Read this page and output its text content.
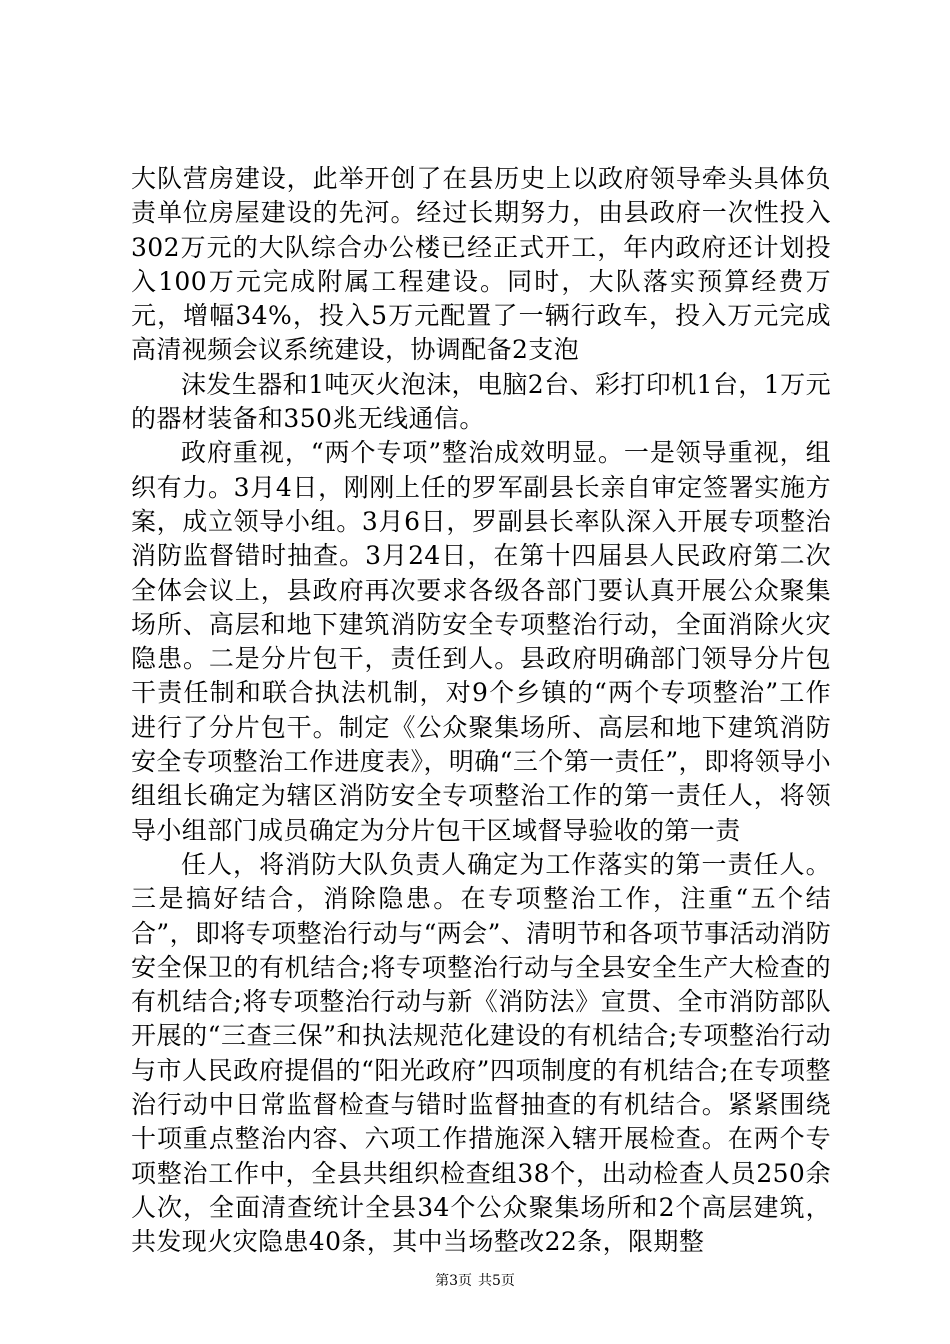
大队营房建设，此举开创了在县历史上以政府领导牵头具体负责单位房屋建设的先河。经过长期努力，由县政府一次性投入302万元的大队综合办公楼已经正式开工，年内政府还计划投入100万元完成附属工程建设。同时，大队落实预算经费万元，增幅34%，投入5万元配置了一辆行政车，投入万元完成高清视频会议系统建设，协调配备2支泡

沫发生器和1吨灭火泡沫，电脑2台、彩打印机1台，1万元的器材装备和350兆无线通信。

政府重视，“两个专项”整治成效明显。一是领导重视，组织有力。3月4日，刚刚上任的罗军副县长亲自审定签署实施方案，成立领导小组。3月6日，罗副县长率队深入开展专项整治消防监督错时抽查。3月24日，在第十四届县人民政府第二次全体会议上，县政府再次要求各级各部门要认真开展公众聚集场所、高层和地下建筑消防安全专项整治行动，全面消除火灾隐患。二是分片包干，责任到人。县政府明确部门领导分片包干责任制和联合执法机制，对9个乡镇的“两个专项整治”工作进行了分片包干。制定《公众聚集场所、高层和地下建筑消防安全专项整治工作进度表》，明确“三个第一责任”，即将领导小组组长确定为辖区消防安全专项整治工作的第一责任人，将领导小组部门成员确定为分片包干区域督导验收的第一责

任人，将消防大队负责人确定为工作落实的第一责任人。三是搞好结合，消除隐患。在专项整治工作，注重“五个结合”，即将专项整治行动与“两会”、清明节和各项节事活动消防安全保卫的有机结合;将专项整治行动与全县安全生产大检查的有机结合;将专项整治行动与新《消防法》宣贯、全市消防部队开展的“三查三保”和执法规范化建设的有机结合;专项整治行动与市人民政府提倡的“阳光政府”四项制度的有机结合;在专项整治行动中日常监督检查与错时监督抽查的有机结合。紧紧围绕十项重点整治内容、六项工作措施深入辖开展检查。在两个专项整治工作中，全县共组织检查组38个，出动检查人员250余人次，全面清查统计全县34个公众聚集场所和2个高层建筑，共发现火灾隐患40条，其中当场整改22条，限期整

第3页 共5页
